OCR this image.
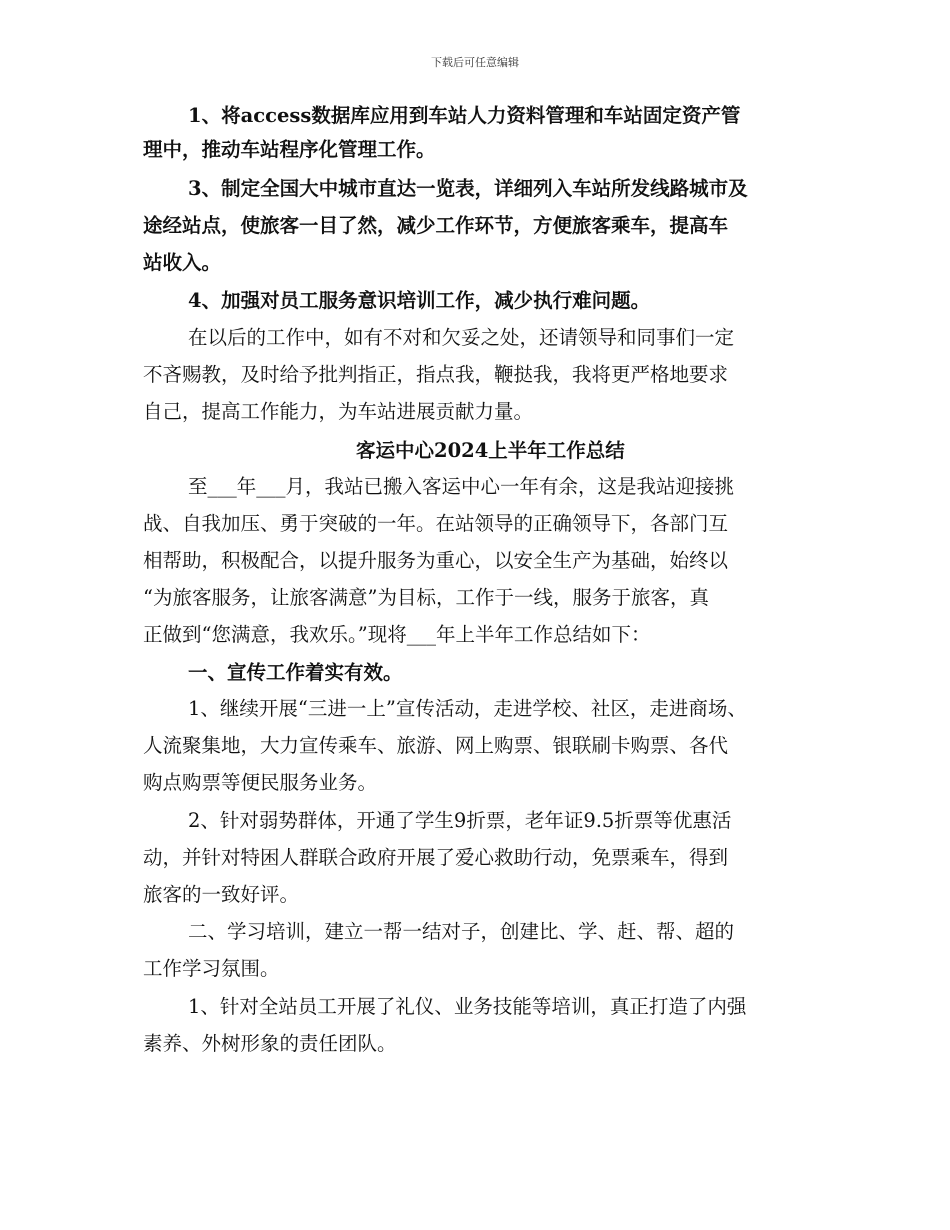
下载后可任意编辑
1、将access数据库应用到车站人力资料管理和车站固定资产管
理中，推动车站程序化管理工作。
3、制定全国大中城市直达一览表，详细列入车站所发线路城市及
途经站点，使旅客一目了然，减少工作环节，方便旅客乘车，提高车
站收入。
4、加强对员工服务意识培训工作，减少执行难问题。
在以后的工作中，如有不对和欠妥之处，还请领导和同事们一定
不吝赐教，及时给予批判指正，指点我，鞭挞我，我将更严格地要求
自己，提高工作能力，为车站进展贡献力量。
客运中心2024上半年工作总结
至___年___月，我站已搬入客运中心一年有余，这是我站迎接挑
战、自我加压、勇于突破的一年。在站领导的正确领导下，各部门互
相帮助，积极配合，以提升服务为重心，以安全生产为基础，始终以
“为旅客服务，让旅客满意”为目标，工作于一线，服务于旅客，真
正做到“您满意，我欢乐。”现将___年上半年工作总结如下：
一、宣传工作着实有效。
1、继续开展“三进一上”宣传活动，走进学校、社区，走进商场、
人流聚集地，大力宣传乘车、旅游、网上购票、银联刷卡购票、各代
购点购票等便民服务业务。
2、针对弱势群体，开通了学生9折票，老年证9.5折票等优惠活
动，并针对特困人群联合政府开展了爱心救助行动，免票乘车，得到
旅客的一致好评。
二、学习培训，建立一帮一结对子，创建比、学、赶、帮、超的
工作学习氛围。
1、针对全站员工开展了礼仪、业务技能等培训，真正打造了内强
素养、外树形象的责任团队。
